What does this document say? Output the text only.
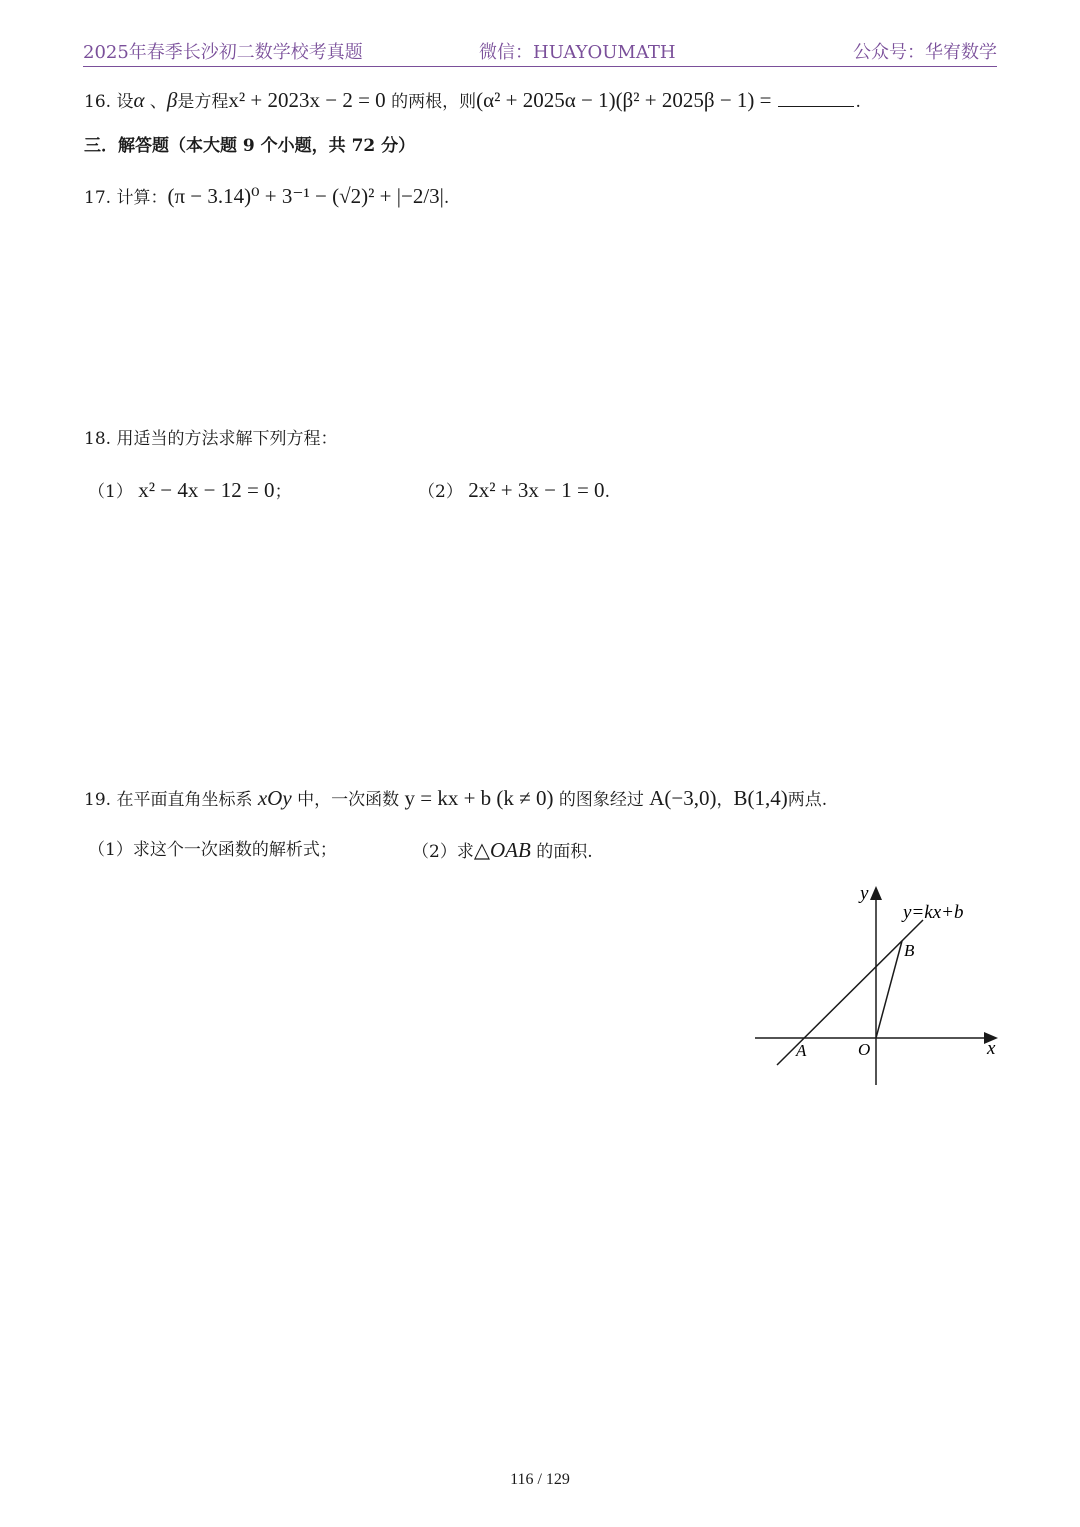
2025年春季长沙初二数学校考真题	微信：HUAYOUMATH	公众号：华宥数学
16. 设α 、β是方程x² + 2023x − 2 = 0 的两根，则(α² + 2025α − 1)(β² + 2025β − 1) =	.
三．解答题（本大题 9 个小题，共 72 分）
17. 计算：(π − 3.14)⁰ + 3⁻¹ − (√2)² + |−2/3|.
18. 用适当的方法求解下列方程：
（1） x² − 4x − 12 = 0；	（2） 2x² + 3x − 1 = 0.
19. 在平面直角坐标系 xOy 中，一次函数 y = kx + b (k ≠ 0) 的图象经过 A(−3,0)，B(1,4)两点.
（1）求这个一次函数的解析式；	（2）求△OAB 的面积.
y
x
y=kx+b
B
A	O
116 / 129
